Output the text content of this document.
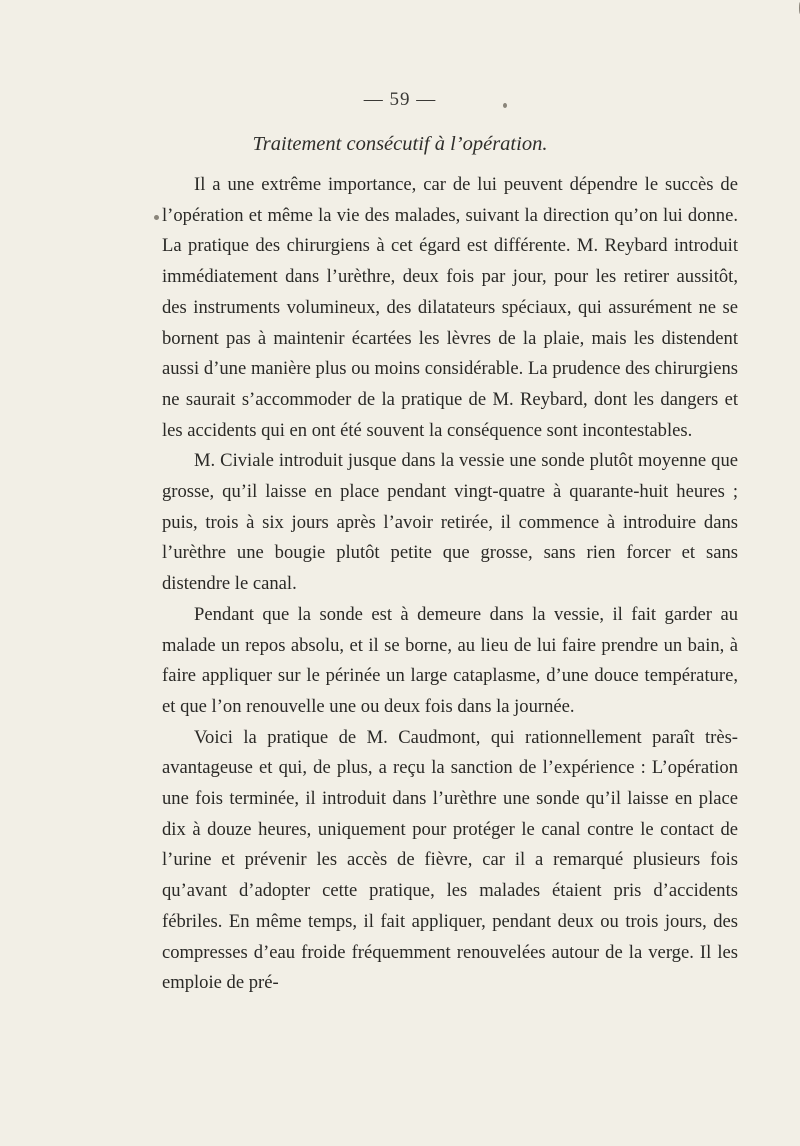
— 59 —
Traitement consécutif à l’opération.

Il a une extrême importance, car de lui peuvent dépendre le succès de l’opération et même la vie des malades, suivant la direction qu’on lui donne. La pratique des chirurgiens à cet égard est différente. M. Reybard introduit immédiatement dans l’urèthre, deux fois par jour, pour les retirer aussitôt, des instruments volumineux, des dilatateurs spéciaux, qui assurément ne se bornent pas à maintenir écartées les lèvres de la plaie, mais les distendent aussi d’une manière plus ou moins considérable. La prudence des chirurgiens ne saurait s’accommoder de la pratique de M. Reybard, dont les dangers et les accidents qui en ont été souvent la conséquence sont incontestables.

M. Civiale introduit jusque dans la vessie une sonde plutôt moyenne que grosse, qu’il laisse en place pendant vingt-quatre à quarante-huit heures ; puis, trois à six jours après l’avoir retirée, il commence à introduire dans l’urèthre une bougie plutôt petite que grosse, sans rien forcer et sans distendre le canal.

Pendant que la sonde est à demeure dans la vessie, il fait garder au malade un repos absolu, et il se borne, au lieu de lui faire prendre un bain, à faire appliquer sur le périnée un large cataplasme, d’une douce température, et que l’on renouvelle une ou deux fois dans la journée.

Voici la pratique de M. Caudmont, qui rationnellement paraît très-avantageuse et qui, de plus, a reçu la sanction de l’expérience : L’opération une fois terminée, il introduit dans l’urèthre une sonde qu’il laisse en place dix à douze heures, uniquement pour protéger le canal contre le contact de l’urine et prévenir les accès de fièvre, car il a remarqué plusieurs fois qu’avant d’adopter cette pratique, les malades étaient pris d’accidents fébriles. En même temps, il fait appliquer, pendant deux ou trois jours, des compresses d’eau froide fréquemment renouvelées autour de la verge. Il les emploie de pré-
